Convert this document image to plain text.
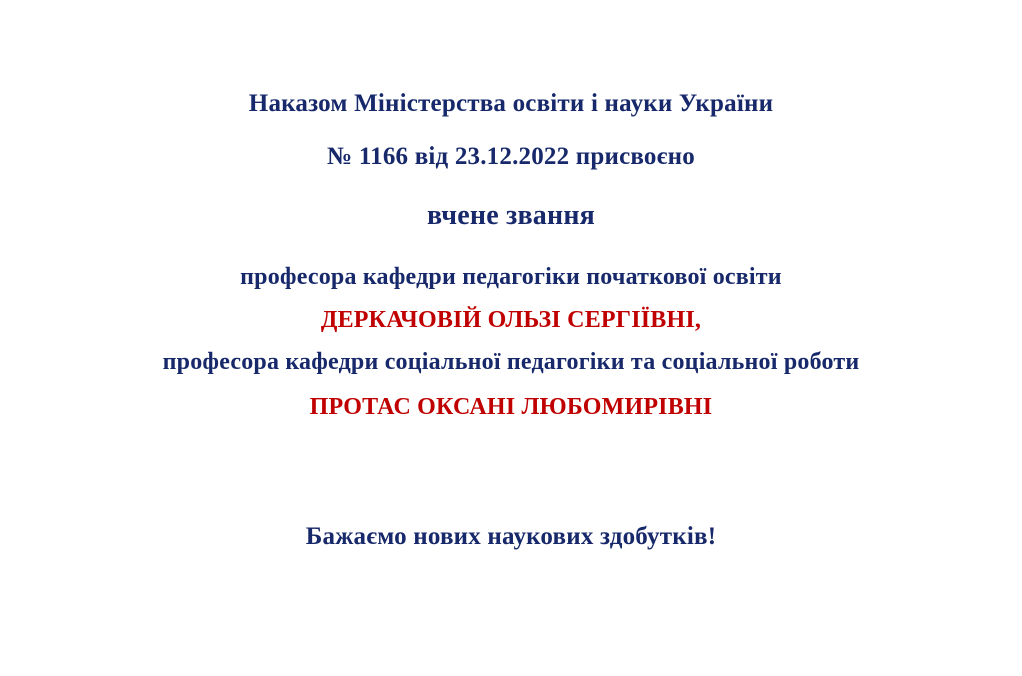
Наказом Міністерства освіти і науки України
№ 1166 від 23.12.2022 присвоєно
вчене звання
професора кафедри педагогіки початкової освіти
ДЕРКАЧОВІЙ ОЛЬЗІ СЕРГІЇВНІ,
професора кафедри соціальної педагогіки та соціальної роботи
ПРОТАС ОКСАНІ ЛЮБОМИРІВНІ
Бажаємо нових наукових здобутків!
